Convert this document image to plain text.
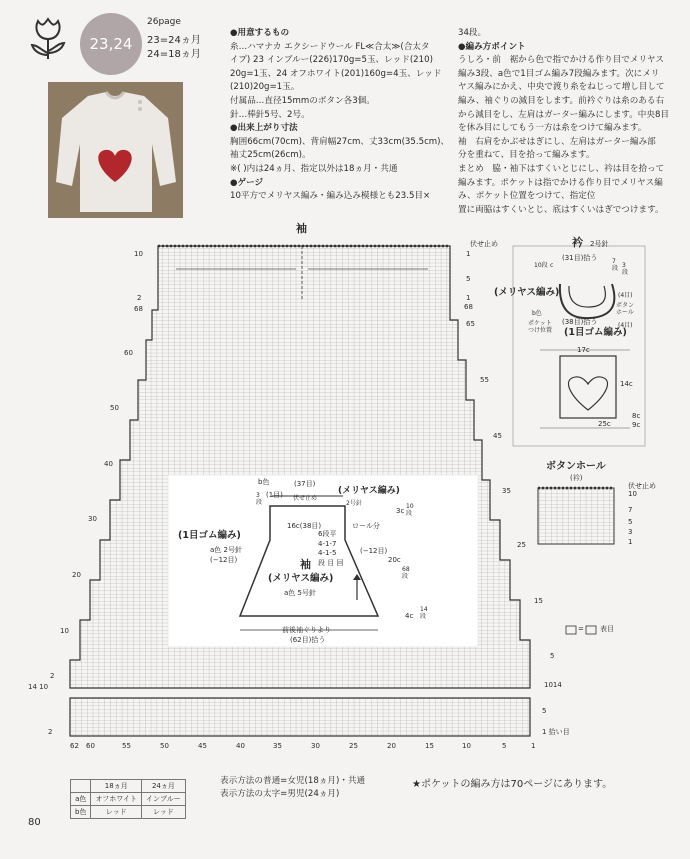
23,24
26page
23=24ヵ月
24=18ヵ月
●用意するもの
糸…ハマナカ エクシードウール FL≪合太≫(合太タ
イプ) 23 インブルー(226)170g=5玉、レッド(210)
20g=1玉、24 オフホワイト(201)160g=4玉、レッド
(210)20g=1玉。
付属品…直径15mmのボタン各3個。
針…棒針5号、2号。
●出来上がり寸法
胸囲66cm(70cm)、背肩幅27cm、丈33cm(35.5cm)、
袖丈25cm(26cm)。
※( )内は24ヵ月、指定以外は18ヵ月・共通
●ゲージ
10平方でメリヤス編み・編み込み模様とも23.5目×
34段。
●編み方ポイント
うしろ・前　裾から色で指でかける作り目でメリヤス
編み3段、a色で1目ゴム編み7段編みます。次にメリ
ヤス編みにかえ、中央で渡り糸をねじって増し目して
編み、袖ぐりの減目をします。前衿ぐりは糸のある右
から減目をし、左肩はガーター編みにします。中央8目
を休み目にしてもう一方は糸をつけて編みます。
袖　右肩をかぶせはぎにし、左肩はガーター編み部
分を重ねて、目を拾って編みます。
まとめ　脇・袖下はすくいとじにし、衿は目を拾って
編みます。ポケットは指でかける作り目でメリヤス編
み、ポケット位置をつけて、指定位
置に両脇はすくいとじ、底はすくいはぎでつけます。
袖
10
2
68
60
50
40
30
20
10
2
14 10
2
伏せ止め
1
5
1
68
65
55
45
35
25
15
5
1014
5
1 拾い目
62 60	55	50	45	40	35	30	25	20	15	10	5	1
b色	(37目)
(1目) 伏せ止め
(メリヤス編み)
2号針
3段
16c(38目)	ロール分
3c
10段
(1目ゴム編み)
a色 2号針
(−12目)
6段平
4-1-7
4-1-5
段 目 回
(−12目)
袖
(メリヤス編み)
a色 5号針
20c
68段
4c
14段
前後袖ぐりより
(62目)拾う
衿 2号針
(31目)拾う
10段 c
7段 3段
(4目)
ボタンホール
(4目)
(38目)拾う
(1目ゴム編み)
(メリヤス編み)
b色
ポケット
つけ位置
17c
14c
25c
8c
9c
ボタンホール
(衿)
伏せ止め
10
7
5
3
1
= 表目
	18ヵ月	24ヵ月
a色	オフホワイト	インブルー
b色	レッド	レッド
表示方法の普通=女児(18ヵ月)・共通
表示方法の太字=男児(24ヵ月)
★ポケットの編み方は70ページにあります。
80
